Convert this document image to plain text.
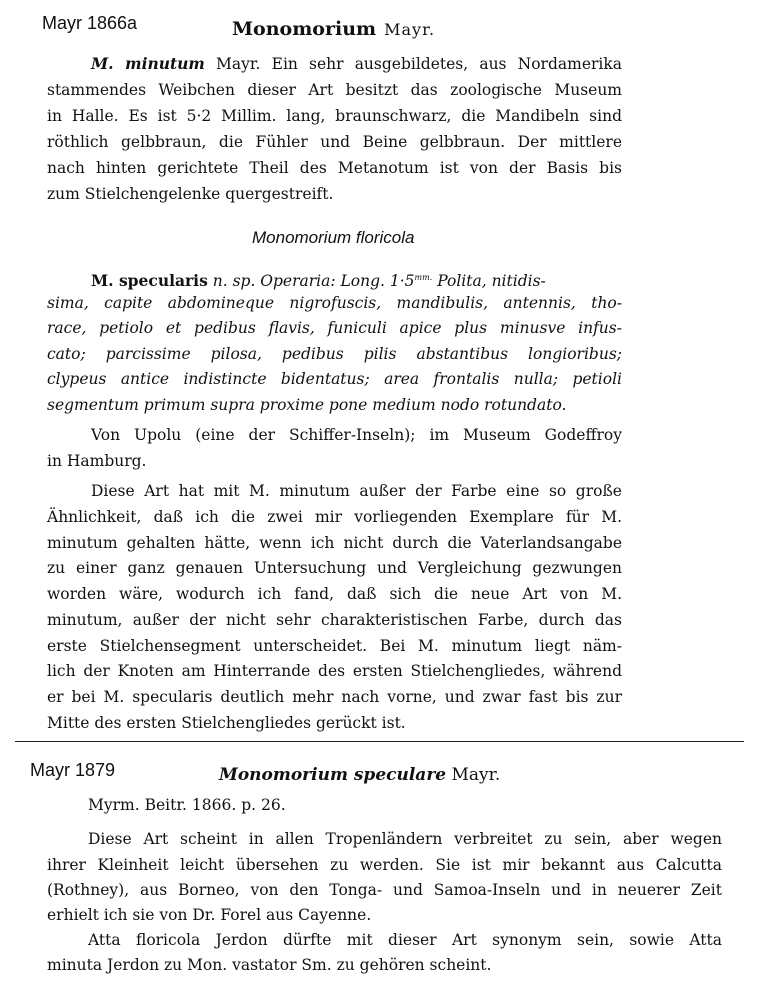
Mayr 1866a	Monomorium Mayr.
M. minutum Mayr. Ein sehr ausgebildetes, aus Nordamerika
stammendes Weibchen dieser Art besitzt das zoologische Museum
in Halle. Es ist 5·2 Millim. lang, braunschwarz, die Mandibeln sind
röthlich gelbbraun, die Fühler und Beine gelbbraun. Der mittlere
nach hinten gerichtete Theil des Metanotum ist von der Basis bis
zum Stielchengelenke quergestreift.
Monomorium floricola
M. specularis n. sp. Operaria: Long. $1\cdot 5^{mm.}$ Polita, nitidis-
sima, capite abdomineque nigrofuscis, mandibulis, antennis, tho-
race, petiolo et pedibus flavis, funiculi apice plus minusve infus-
cato; parcissime pilosa, pedibus pilis abstantibus longioribus;
clypeus antice indistincte bidentatus; area frontalis nulla; petioli
segmentum primum supra proxime pone medium nodo rotundato.
Von Upolu (eine der Schiffer-Inseln); im Museum Godeffroy
in Hamburg.
Diese Art hat mit M. minutum außer der Farbe eine so große
Ähnlichkeit, daß ich die zwei mir vorliegenden Exemplare für M.
minutum gehalten hätte, wenn ich nicht durch die Vaterlandsangabe
zu einer ganz genauen Untersuchung und Vergleichung gezwungen
worden wäre, wodurch ich fand, daß sich die neue Art von M.
minutum, außer der nicht sehr charakteristischen Farbe, durch das
erste Stielchensegment unterscheidet. Bei M. minutum liegt näm-
lich der Knoten am Hinterrande des ersten Stielchengliedes, während
er bei M. specularis deutlich mehr nach vorne, und zwar fast bis zur
Mitte des ersten Stielchengliedes gerückt ist.
Mayr 1879	Monomorium speculare Mayr.
Myrm. Beitr. 1866. p. 26.
Diese Art scheint in allen Tropenländern verbreitet zu sein, aber wegen
ihrer Kleinheit leicht übersehen zu werden. Sie ist mir bekannt aus Calcutta
(Rothney), aus Borneo, von den Tonga- und Samoa-Inseln und in neuerer Zeit
erhielt ich sie von Dr. Forel aus Cayenne.
Atta floricola Jerdon dürfte mit dieser Art synonym sein, sowie Atta
minuta Jerdon zu Mon. vastator Sm. zu gehören scheint.
